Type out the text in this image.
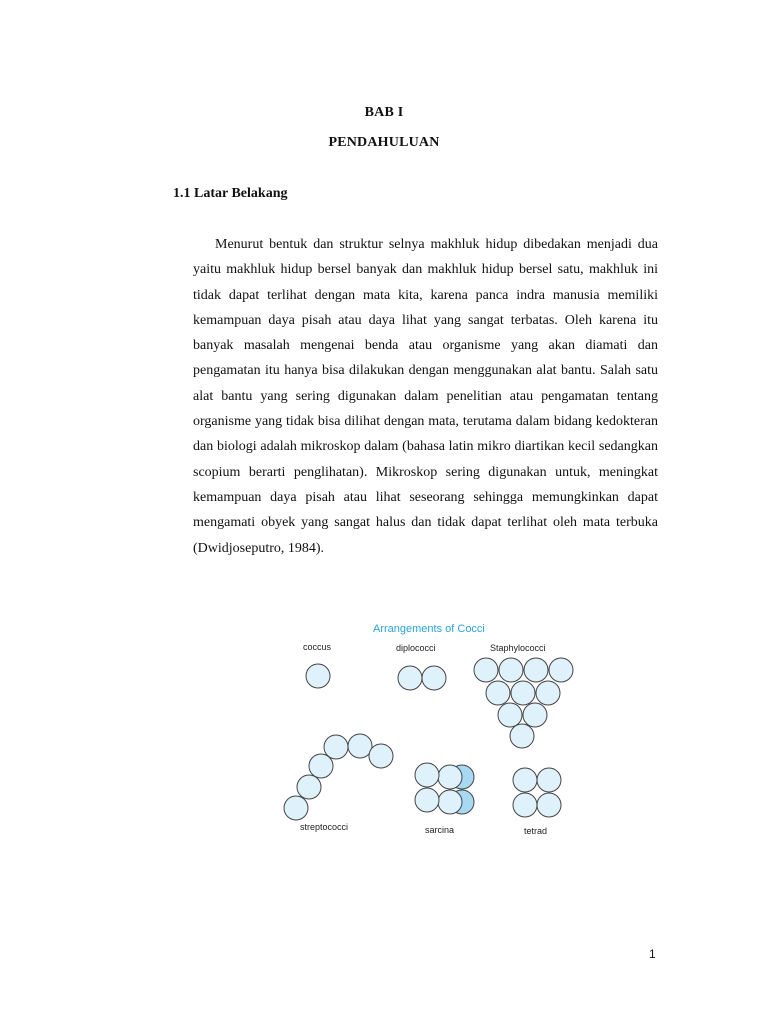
BAB I
PENDAHULUAN
1.1 Latar Belakang
Menurut bentuk dan struktur selnya makhluk hidup dibedakan menjadi dua yaitu makhluk hidup bersel banyak dan makhluk hidup bersel satu, makhluk ini tidak dapat terlihat dengan mata kita, karena panca indra manusia memiliki kemampuan daya pisah atau daya lihat yang sangat terbatas. Oleh karena itu banyak masalah mengenai benda atau organisme yang akan diamati dan pengamatan itu hanya bisa dilakukan dengan menggunakan alat bantu. Salah satu alat bantu yang sering digunakan dalam penelitian atau pengamatan tentang organisme yang tidak bisa dilihat dengan mata, terutama dalam bidang kedokteran dan biologi adalah mikroskop dalam (bahasa latin mikro diartikan kecil sedangkan scopium berarti penglihatan). Mikroskop sering digunakan untuk, meningkat kemampuan daya pisah atau lihat seseorang sehingga memungkinkan dapat mengamati obyek yang sangat halus dan tidak dapat terlihat oleh mata terbuka (Dwidjoseputro, 1984).
Arrangements of Cocci
coccus	diplococci	Staphylococci
streptococci	sarcina	tetrad
1
